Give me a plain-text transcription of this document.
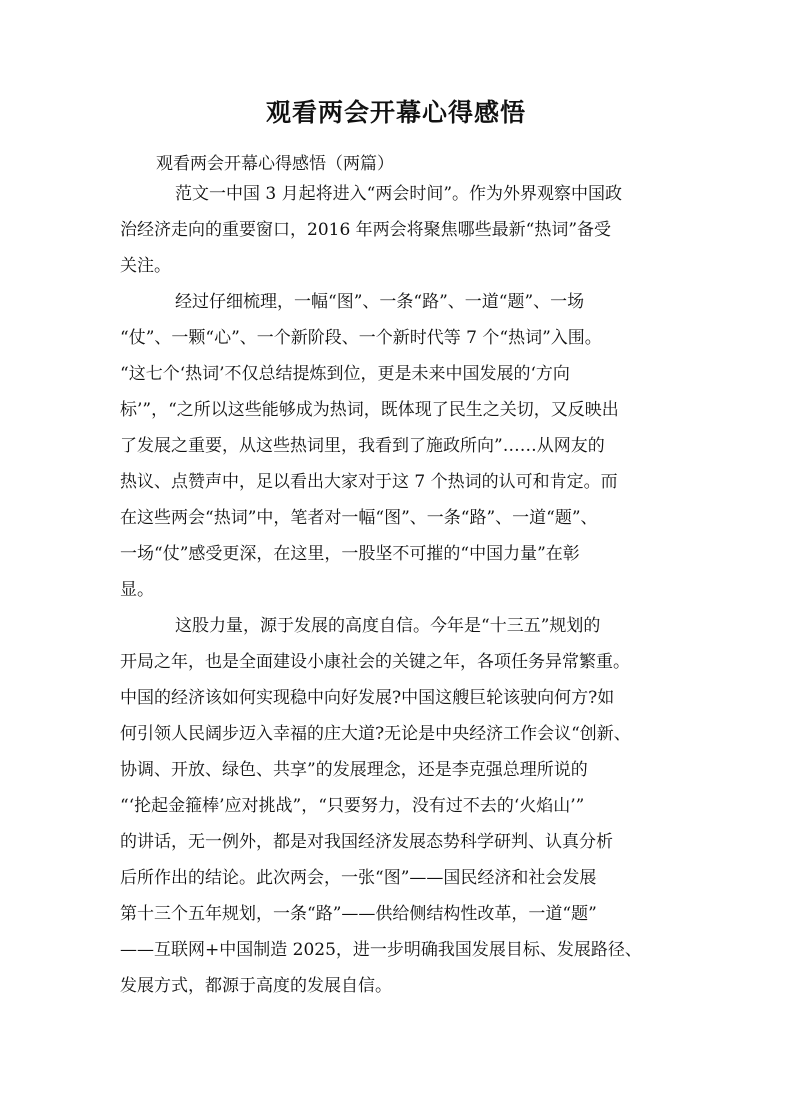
观看两会开幕心得感悟
观看两会开幕心得感悟（两篇）
范文一中国 3 月起将进入“两会时间”。作为外界观察中国政
治经济走向的重要窗口，2016 年两会将聚焦哪些最新“热词”备受
关注。
经过仔细梳理，一幅“图”、一条“路”、一道“题”、一场
“仗”、一颗“心”、一个新阶段、一个新时代等 7 个“热词”入围。
“这七个‘热词’不仅总结提炼到位，更是未来中国发展的‘方向
标’”，“之所以这些能够成为热词，既体现了民生之关切，又反映出
了发展之重要，从这些热词里，我看到了施政所向”……从网友的
热议、点赞声中，足以看出大家对于这 7 个热词的认可和肯定。而
在这些两会“热词”中，笔者对一幅“图”、一条“路”、一道“题”、
一场“仗”感受更深，在这里，一股坚不可摧的“中国力量”在彰
显。
这股力量，源于发展的高度自信。今年是“十三五”规划的
开局之年，也是全面建设小康社会的关键之年，各项任务异常繁重。
中国的经济该如何实现稳中向好发展?中国这艘巨轮该驶向何方?如
何引领人民阔步迈入幸福的庄大道?无论是中央经济工作会议“创新、
协调、开放、绿色、共享”的发展理念，还是李克强总理所说的
“‘抡起金箍棒’应对挑战”，“只要努力，没有过不去的‘火焰山’”
的讲话，无一例外，都是对我国经济发展态势科学研判、认真分析
后所作出的结论。此次两会，一张“图”——国民经济和社会发展
第十三个五年规划，一条“路”——供给侧结构性改革，一道“题”
——互联网+中国制造 2025，进一步明确我国发展目标、发展路径、
发展方式，都源于高度的发展自信。
